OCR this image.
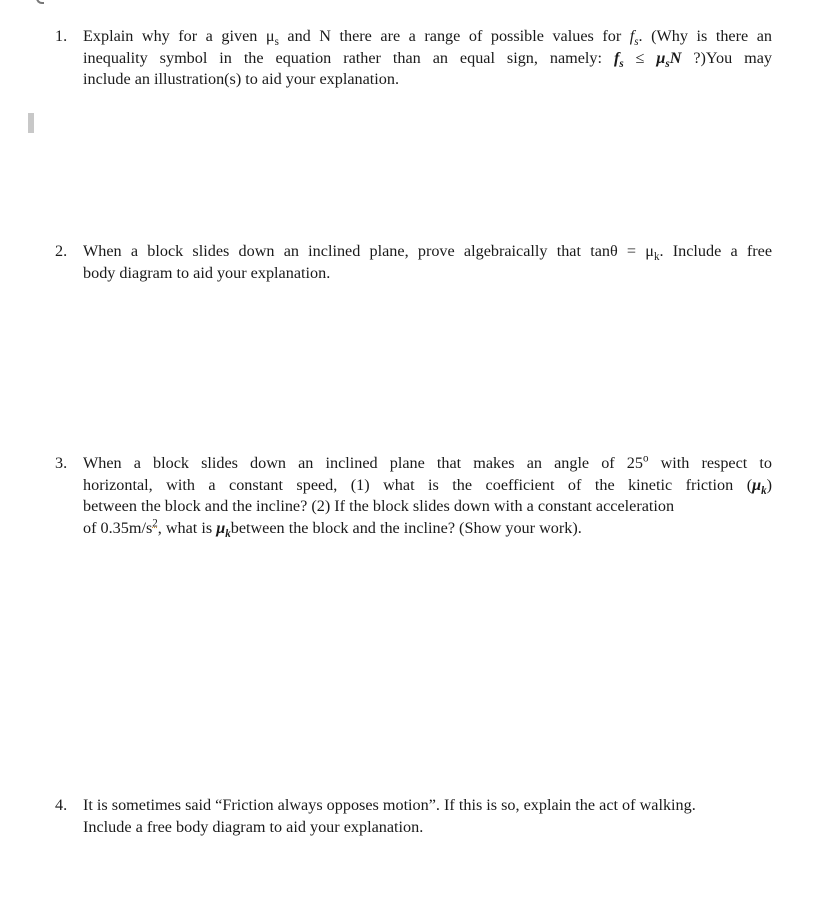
1. Explain why for a given $\mu_s$ and N there are a range of possible values for $f_s$. (Why is there an
inequality symbol in the equation rather than an equal sign, namely: $f_s \le \mu_sN$ ?)You may
include an illustration(s) to aid your explanation.
2. When a block slides down an inclined plane, prove algebraically that $\tan\theta = \mu_k$. Include a free
body diagram to aid your explanation.
3. When a block slides down an inclined plane that makes an angle of 25$^o$ with respect to
horizontal, with a constant speed, (1) what is the coefficient of the kinetic friction $(\mu_k)$
between the block and the incline? (2) If the block slides down with a constant acceleration
of $0.35m/s^2$, what is $\mu_kbetween$ the block and the incline? (Show your work).
4. It is sometimes said “Friction always opposes motion”. If this is so, explain the act of walking.
Include a free body diagram to aid your explanation.
